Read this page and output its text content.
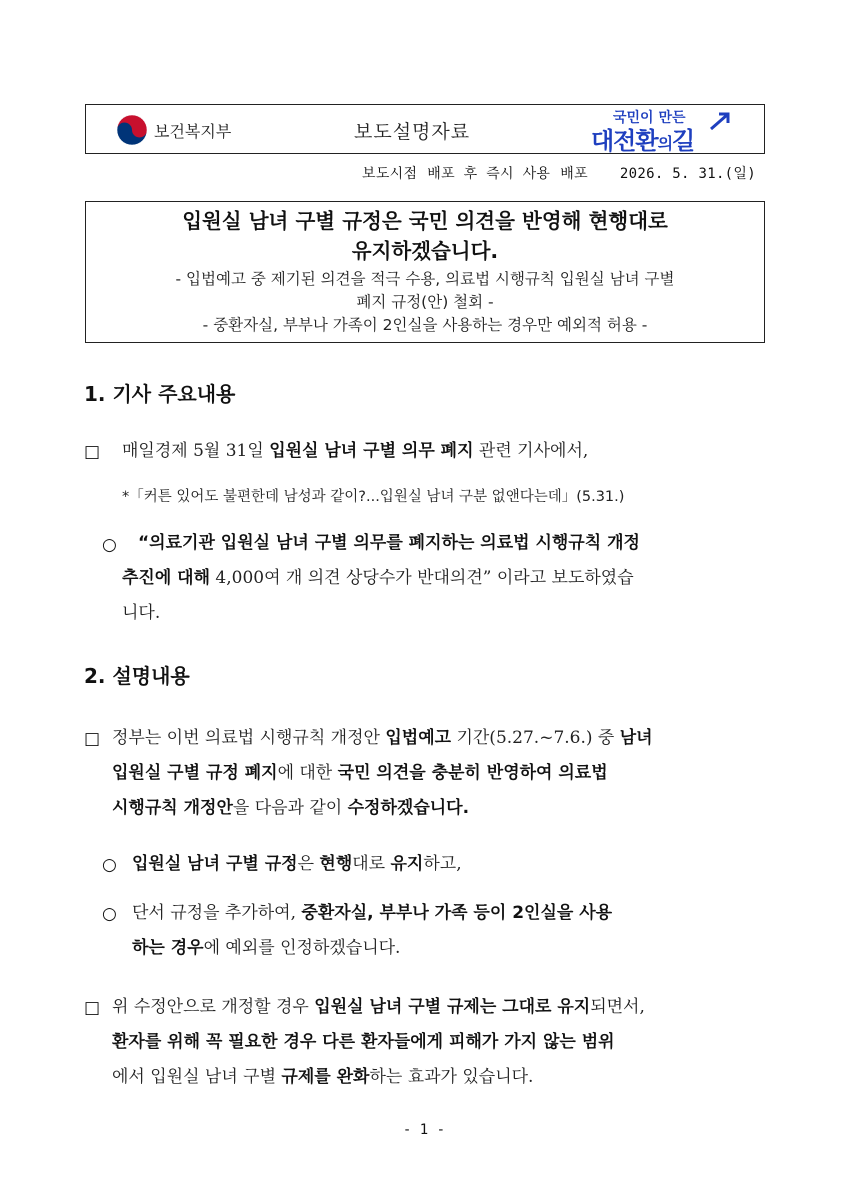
보건복지부	보도설명자료
국민이 만든
대전환의길
보도시점 배포 후 즉시 사용 배포 2026. 5. 31.(일)
입원실 남녀 구별 규정은 국민 의견을 반영해 현행대로
유지하겠습니다.
- 입법예고 중 제기된 의견을 적극 수용, 의료법 시행규칙 입원실 남녀 구별
폐지 규정(안) 철회 -
- 중환자실, 부부나 가족이 2인실을 사용하는 경우만 예외적 허용 -
1. 기사 주요내용
□ 매일경제 5월 31일 입원실 남녀 구별 의무 폐지 관련 기사에서,
*「커튼 있어도 불편한데 남성과 같이?...입원실 남녀 구분 없앤다는데」(5.31.)
○ “의료기관 입원실 남녀 구별 의무를 폐지하는 의료법 시행규칙 개정
추진에 대해 4,000여 개 의견 상당수가 반대의견” 이라고 보도하였습
니다.
2. 설명내용
□ 정부는 이번 의료법 시행규칙 개정안 입법예고 기간(5.27.~7.6.) 중 남녀
입원실 구별 규정 폐지에 대한 국민 의견을 충분히 반영하여 의료법
시행규칙 개정안을 다음과 같이 수정하겠습니다.
○ 입원실 남녀 구별 규정은 현행대로 유지하고,
○ 단서 규정을 추가하여, 중환자실, 부부나 가족 등이 2인실을 사용
하는 경우에 예외를 인정하겠습니다.
□ 위 수정안으로 개정할 경우 입원실 남녀 구별 규제는 그대로 유지되면서,
환자를 위해 꼭 필요한 경우 다른 환자들에게 피해가 가지 않는 범위
에서 입원실 남녀 구별 규제를 완화하는 효과가 있습니다.
- 1 -
